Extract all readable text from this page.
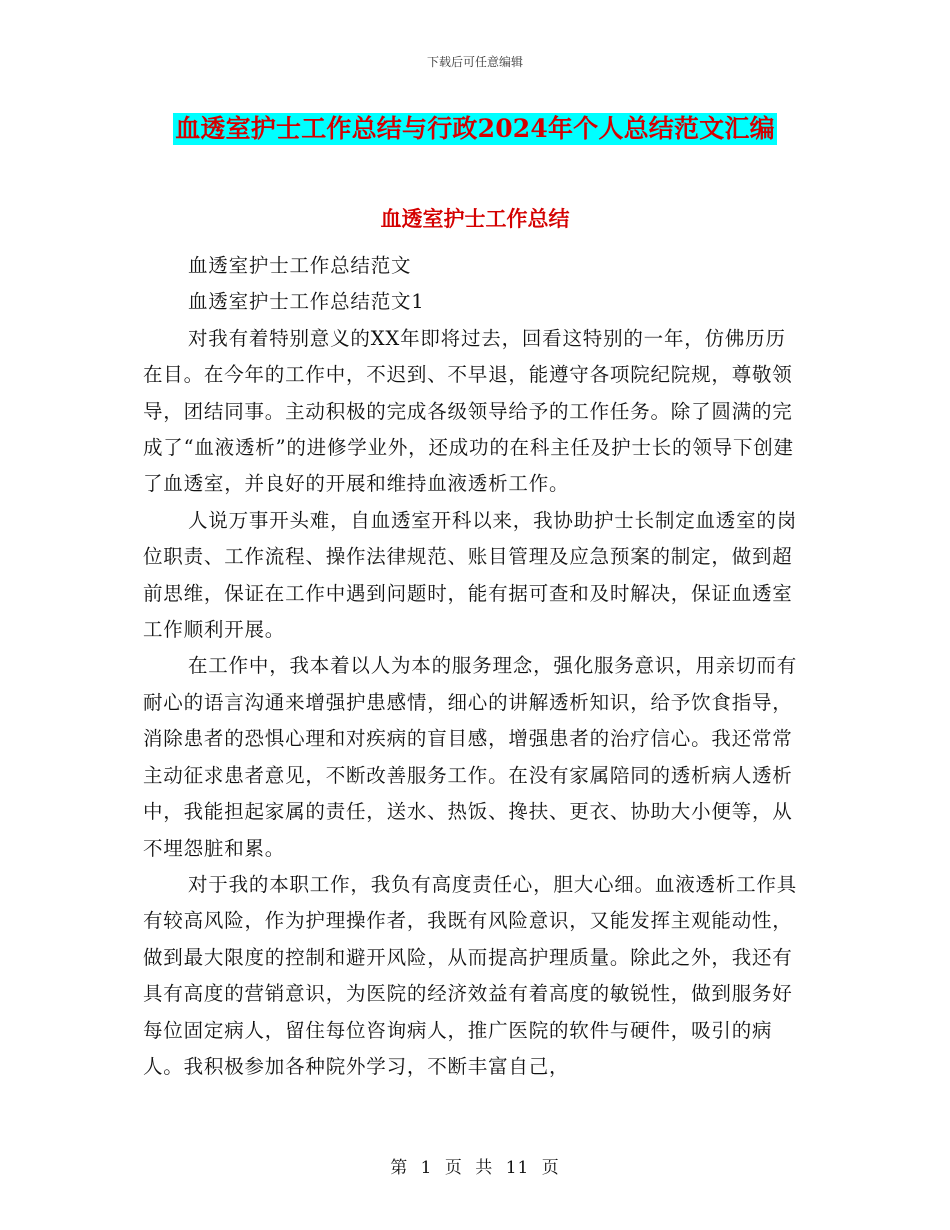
下载后可任意编辑
血透室护士工作总结与行政2024年个人总结范文汇编
血透室护士工作总结

血透室护士工作总结范文

血透室护士工作总结范文1

对我有着特别意义的XX年即将过去，回看这特别的一年，仿佛历历在目。在今年的工作中，不迟到、不早退，能遵守各项院纪院规，尊敬领导，团结同事。主动积极的完成各级领导给予的工作任务。除了圆满的完成了“血液透析”的进修学业外，还成功的在科主任及护士长的领导下创建了血透室，并良好的开展和维持血液透析工作。

人说万事开头难，自血透室开科以来，我协助护士长制定血透室的岗位职责、工作流程、操作法律规范、账目管理及应急预案的制定，做到超前思维，保证在工作中遇到问题时，能有据可查和及时解决，保证血透室工作顺利开展。

在工作中，我本着以人为本的服务理念，强化服务意识，用亲切而有耐心的语言沟通来增强护患感情，细心的讲解透析知识，给予饮食指导，消除患者的恐惧心理和对疾病的盲目感，增强患者的治疗信心。我还常常主动征求患者意见，不断改善服务工作。在没有家属陪同的透析病人透析中，我能担起家属的责任，送水、热饭、搀扶、更衣、协助大小便等，从不埋怨脏和累。

对于我的本职工作，我负有高度责任心，胆大心细。血液透析工作具有较高风险，作为护理操作者，我既有风险意识，又能发挥主观能动性，做到最大限度的控制和避开风险，从而提高护理质量。除此之外，我还有具有高度的营销意识，为医院的经济效益有着高度的敏锐性，做到服务好每位固定病人，留住每位咨询病人，推广医院的软件与硬件，吸引的病人。我积极参加各种院外学习，不断丰富自己，

第 1 页 共 11 页
